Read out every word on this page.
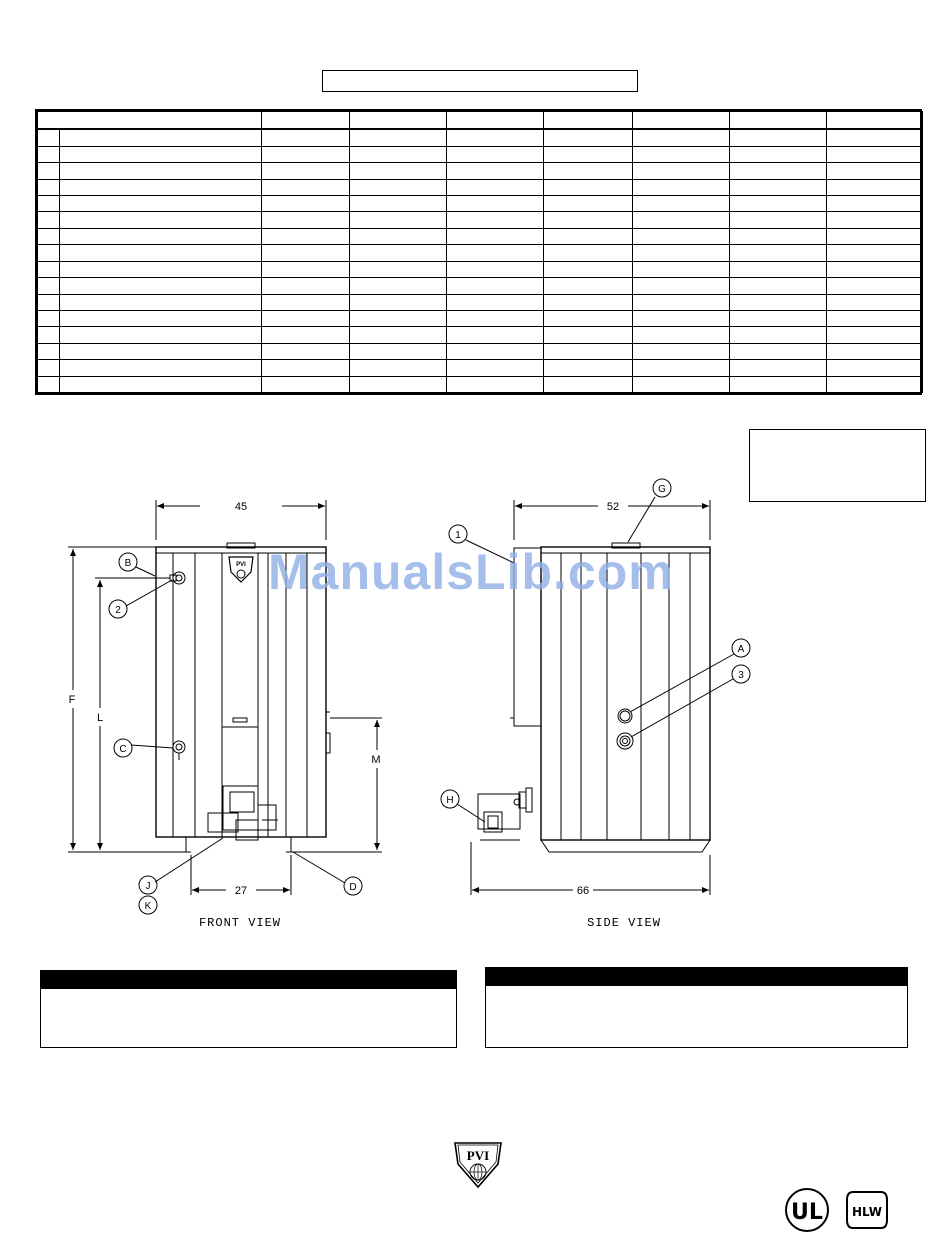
PVI
B
2
C
J
K
D
1
G
A
3
H
45
27
F
L
M
52
66
FRONT VIEW	SIDE VIEW
ManualsLib.com
PVI
UL HLW
